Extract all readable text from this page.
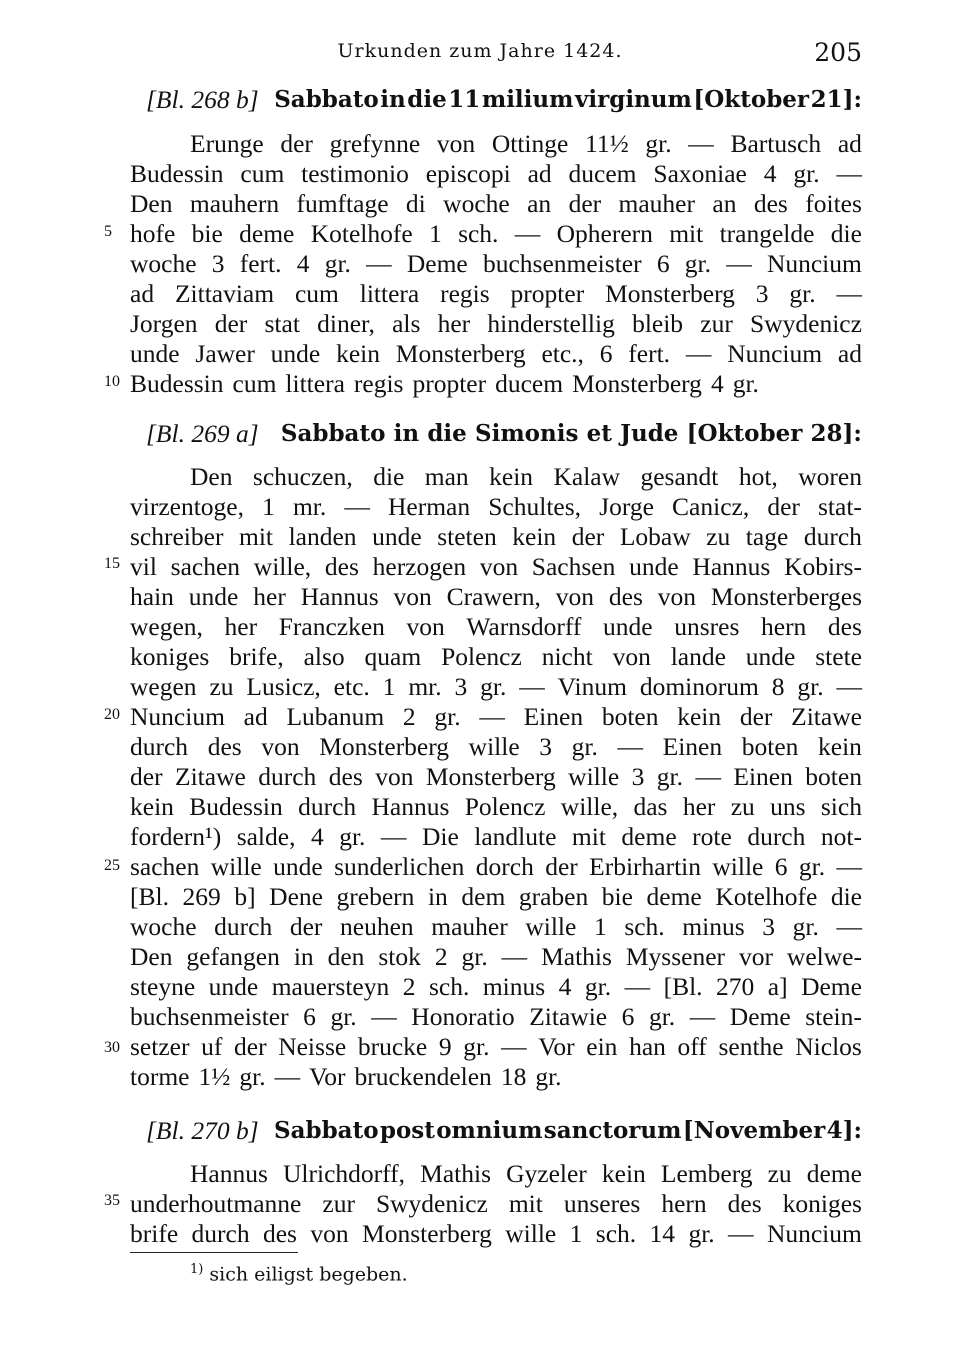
Urkunden zum Jahre 1424.	205
[Bl. 268 b] Sabbato in die 11 milium virginum [Oktober 21]:
Erunge der grefynne von Ottinge 11½ gr. — Bartusch ad
Budessin cum testimonio episcopi ad ducem Saxoniae 4 gr. —
Den mauhern fumftage di woche an der mauher an des foites
hofe bie deme Kotelhofe 1 sch. — Opherern mit trangelde die
woche 3 fert. 4 gr. — Deme buchsenmeister 6 gr. — Nuncium
ad Zittaviam cum littera regis propter Monsterberg 3 gr. —
Jorgen der stat diner, als her hinderstellig bleib zur Swydenicz
unde Jawer unde kein Monsterberg etc., 6 fert. — Nuncium ad
Budessin cum littera regis propter ducem Monsterberg 4 gr.
[Bl. 269 a] Sabbato in die Simonis et Jude [Oktober 28]:
Den schuczen, die man kein Kalaw gesandt hot, woren
virzentoge, 1 mr. — Herman Schultes, Jorge Canicz, der stat-
schreiber mit landen unde steten kein der Lobaw zu tage durch
vil sachen wille, des herzogen von Sachsen unde Hannus Kobirs-
hain unde her Hannus von Crawern, von des von Monsterberges
wegen, her Franczken von Warnsdorff unde unsres hern des
koniges brife, also quam Polencz nicht von lande unde stete
wegen zu Lusicz, etc. 1 mr. 3 gr. — Vinum dominorum 8 gr. —
Nuncium ad Lubanum 2 gr. — Einen boten kein der Zitawe
durch des von Monsterberg wille 3 gr. — Einen boten kein
der Zitawe durch des von Monsterberg wille 3 gr. — Einen boten
kein Budessin durch Hannus Polencz wille, das her zu uns sich
fordern¹) salde, 4 gr. — Die landlute mit deme rote durch not-
sachen wille unde sunderlichen dorch der Erbirhartin wille 6 gr. —
[Bl. 269 b] Dene grebern in dem graben bie deme Kotelhofe die
woche durch der neuhen mauher wille 1 sch. minus 3 gr. —
Den gefangen in den stok 2 gr. — Mathis Myssener vor welwe-
steyne unde mauersteyn 2 sch. minus 4 gr. — [Bl. 270 a] Deme
buchsenmeister 6 gr. — Honoratio Zitawie 6 gr. — Deme stein-
setzer uf der Neisse brucke 9 gr. — Vor ein han off senthe Niclos
torme 1½ gr. — Vor bruckendelen 18 gr.
[Bl. 270 b] Sabbato post omnium sanctorum [November 4]:
Hannus Ulrichdorff, Mathis Gyzeler kein Lemberg zu deme
underhoutmanne zur Swydenicz mit unseres hern des koniges
brife durch des von Monsterberg wille 1 sch. 14 gr. — Nuncium
5
10
15
20
25
30
35
$^{1)}$ sich eiligst begeben.
